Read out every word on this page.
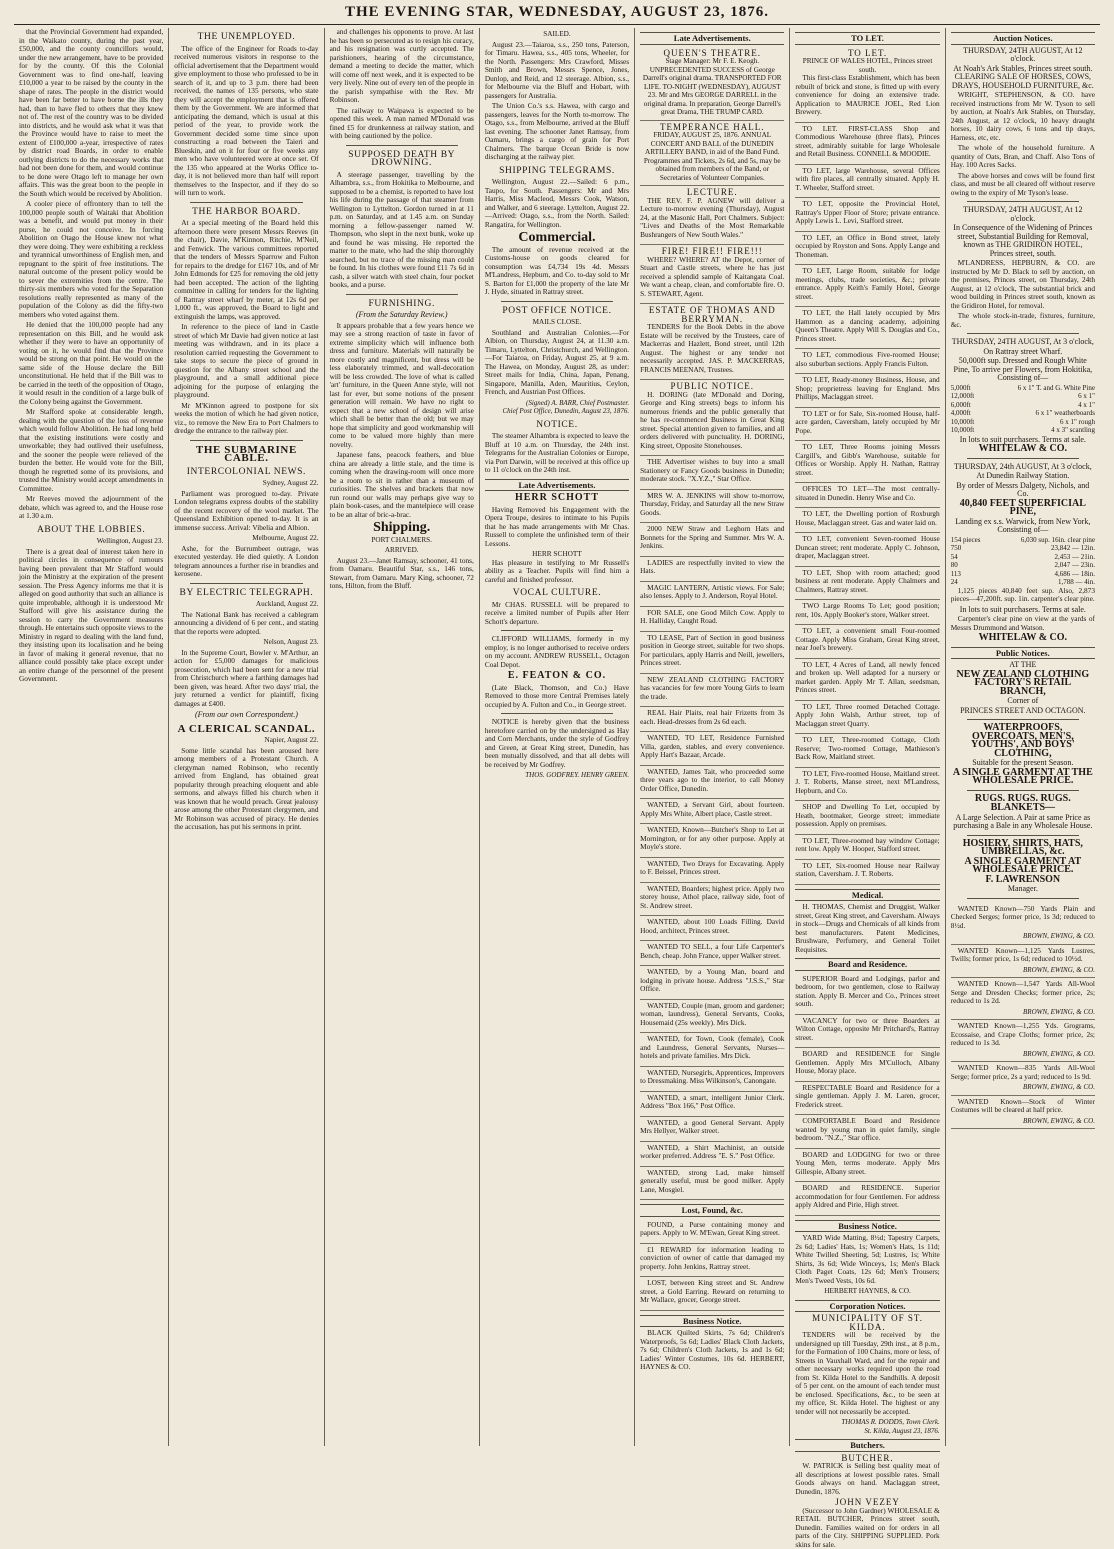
THE EVENING STAR, WEDNESDAY, AUGUST 23, 1876.

that the Provincial Government had expanded, in the Waikato county, during the past year, £50,000, and the county councillors would, under the new arrangement, have to be provided for by the county. Of this the Colonial Government was to find one-half, leaving £10,000 a year to be raised by the county in the shape of rates. The people in the district would have been far better to have borne the ills they had, than to have fled to others that they knew not of. The rest of the country was to be divided into districts, and he would ask what it was that the Province would have to raise to meet the extent of £100,000 a-year, irrespective of rates by district road Boards, in order to enable outlying districts to do the necessary works that had not been done for them, and would continue to be done were Otago left to manage her own affairs. This was the great boon to the people in the South which would be received by Abolition.

A cooler piece of effrontery than to tell the 100,000 people south of Waitaki that Abolition was a benefit, and would put money in their purse, he could not conceive. In forcing Abolition on Otago the House knew not what they were doing. They were exhibiting a reckless and tyrannical unworthiness of English men, and repugnant to the spirit of free institutions. The natural outcome of the present policy would be to sever the extremities from the centre. The thirty-six members who voted for the Separation resolutions really represented as many of the population of the Colony as did the fifty-two members who voted against them.

He denied that the 100,000 people had any representation on this Bill, and he would ask whether if they were to have an opportunity of voting on it, he would find that the Province would be strong on that point. He would on the same side of the House declare the Bill unconstitutional. He held that if the Bill was to be carried in the teeth of the opposition of Otago, it would result in the condition of a large bulk of the Colony being against the Government.

Mr Stafford spoke at considerable length, dealing with the question of the loss of revenue which would follow Abolition. He had long held that the existing institutions were costly and unworkable; they had outlived their usefulness, and the sooner the people were relieved of the burden the better. He would vote for the Bill, though he regretted some of its provisions, and trusted the Ministry would accept amendments in Committee.

Mr Reeves moved the adjournment of the debate, which was agreed to, and the House rose at 1.30 a.m.

ABOUT THE LOBBIES.
Wellington, August 23.

There is a great deal of interest taken here in political circles in consequence of rumours having been prevalent that Mr Stafford would join the Ministry at the expiration of the present session. The Press Agency informs me that it is alleged on good authority that such an alliance is quite improbable, although it is understood Mr Stafford will give his assistance during the session to carry the Government measures through. He entertains such opposite views to the Ministry in regard to dealing with the land fund, they insisting upon its localisation and he being in favor of making it general revenue, that no alliance could possibly take place except under an entire change of the personnel of the present Government.

THE UNEMPLOYED.

The office of the Engineer for Roads to-day received numerous visitors in response to the official advertisement that the Department would give employment to those who professed to be in search of it, and up to 3 p.m. there had been received, the names of 135 persons, who state they will accept the employment that is offered them by the Government. We are informed that anticipating the demand, which is usual at this period of the year, to provide work the Government decided some time since upon constructing a road between the Taieri and Blueskin, and on it for four or five weeks any men who have volunteered were at once set. Of the 135 who appeared at the Works Office to-day, it is not believed more than half will report themselves to the Inspector, and if they do so will turn to work.

THE HARBOR BOARD.

At a special meeting of the Board held this afternoon there were present Messrs Reeves (in the chair), Davie, M'Kinnon, Ritchie, M'Neil, and Fenwick. The various committees reported that the tenders of Messrs Sparrow and Fulton for repairs to the dredge for £167 10s, and of Mr John Edmonds for £25 for removing the old jetty had been accepted. The action of the lighting committee in calling for tenders for the lighting of Rattray street wharf by meter, at 12s 6d per 1,000 ft., was approved, the Board to light and extinguish the lamps, was approved.

In reference to the piece of land in Castle street of which Mr Davie had given notice at last meeting was withdrawn, and in its place a resolution carried requesting the Government to take steps to secure the piece of ground in question for the Albany street school and the playground, and a small additional piece adjoining for the purpose of enlarging the playground.

Mr M'Kinnon agreed to postpone for six weeks the motion of which he had given notice, viz., to remove the New Era to Port Chalmers to dredge the entrance to the railway pier.

THE SUBMARINE CABLE.
INTERCOLONIAL NEWS.
Sydney, August 22.

Parliament was prorogued to-day. Private London telegrams express doubts of the stability of the recent recovery of the wool market. The Queensland Exhibition opened to-day. It is an immense success. Arrival: Vibelia and Albion.

Melbourne, August 22.

Ashe, for the Burrumbeet outrage, was executed yesterday. He died quietly. A London telegram announces a further rise in brandies and kerosene.

BY ELECTRIC TELEGRAPH.
Auckland, August 22.

The National Bank has received a cablegram announcing a dividend of 6 per cent., and stating that the reports were adopted.

Nelson, August 23.

In the Supreme Court, Bowler v. M'Arthur, an action for £5,000 damages for malicious prosecution, which had been sent for a new trial from Christchurch where a farthing damages had been given, was heard. After two days' trial, the jury returned a verdict for plaintiff, fixing damages at £400.

(From our own Correspondent.)
A CLERICAL SCANDAL.
Napier, August 22.

Some little scandal has been aroused here among members of a Protestant Church. A clergyman named Robinson, who recently arrived from England, has obtained great popularity through preaching eloquent and able sermons, and always filled his church when it was known that he would preach. Great jealousy arose among the other Protestant clergymen, and Mr Robinson was accused of piracy. He denies the accusation, has put his sermons in print.

and challenges his opponents to prove. At last he has been so persecuted as to resign his curacy, and his resignation was curtly accepted. The parishioners, hearing of the circumstance, demand a meeting to decide the matter, which will come off next week, and it is expected to be very lively. Nine out of every ten of the people in the parish sympathise with the Rev. Mr Robinson.

The railway to Waipawa is expected to be opened this week. A man named M'Donald was fined £5 for drunkenness at railway station, and with being cautioned by the police.

SUPPOSED DEATH BY DROWNING.

A steerage passenger, travelling by the Alhambra, s.s., from Hokitika to Melbourne, and supposed to be a chemist, is reported to have lost his life during the passage of that steamer from Wellington to Lyttelton. Gordon turned in at 11 p.m. on Saturday, and at 1.45 a.m. on Sunday morning a fellow-passenger named W. Thompson, who slept in the next bunk, woke up and found he was missing. He reported the matter to the mate, who had the ship thoroughly searched, but no trace of the missing man could be found. In his clothes were found £11 7s 6d in cash, a silver watch with steel chain, four pocket books, and a purse.

FURNISHING.
(From the Saturday Review.)

It appears probable that a few years hence we may see a strong reaction of taste in favor of extreme simplicity which will influence both dress and furniture. Materials will naturally be more costly and magnificent, but dress will be less elaborately trimmed, and wall-decoration will be less crowded. The love of what is called 'art' furniture, in the Queen Anne style, will not last for ever, but some notions of the present generation will remain. We have no right to expect that a new school of design will arise which shall be better than the old; but we may hope that simplicity and good workmanship will come to be valued more highly than mere novelty.

Japanese fans, peacock feathers, and blue china are already a little stale, and the time is coming when the drawing-room will once more be a room to sit in rather than a museum of curiosities. The shelves and brackets that now run round our walls may perhaps give way to plain book-cases, and the mantelpiece will cease to be an altar of bric-a-brac.

Shipping.
PORT CHALMERS.
ARRIVED.

August 23.—Janet Ramsay, schooner, 41 tons, from Oamaru. Beautiful Star, s.s., 146 tons, Stewart, from Oamaru. Mary King, schooner, 72 tons, Hilton, from the Bluff.

SAILED.

August 23.—Taiaroa, s.s., 250 tons, Paterson, for Timaru. Hawea, s.s., 405 tons, Wheeler, for the North. Passengers: Mrs Crawford, Misses Smith and Brown, Messrs Spence, Jones, Dunlop, and Reid, and 12 steerage. Albion, s.s., for Melbourne via the Bluff and Hobart, with passengers for Australia.

The Union Co.'s s.s. Hawea, with cargo and passengers, leaves for the North to-morrow. The Otago, s.s., from Melbourne, arrived at the Bluff last evening. The schooner Janet Ramsay, from Oamaru, brings a cargo of grain for Port Chalmers. The barque Ocean Bride is now discharging at the railway pier.

SHIPPING TELEGRAMS.

Wellington, August 22.—Sailed: 6 p.m., Taupo, for South. Passengers: Mr and Mrs Harris, Miss Macleod, Messrs Cook, Watson, and Walker, and 6 steerage. Lyttelton, August 22.—Arrived: Otago, s.s., from the North. Sailed: Rangatira, for Wellington.

Commercial.

The amount of revenue received at the Customs-house on goods cleared for consumption was £4,734 19s 4d. Messrs M'Landress, Hepburn, and Co. to-day sold to Mr S. Barton for £1,000 the property of the late Mr J. Hyde, situated in Rattray street.

POST OFFICE NOTICE.
MAILS CLOSE.

Southland and Australian Colonies.—For Albion, on Thursday, August 24, at 11.30 a.m. Timaru, Lyttelton, Christchurch, and Wellington.—For Taiaroa, on Friday, August 25, at 9 a.m. The Hawea, on Monday, August 28, as under: Street mails for India, China, Japan, Penang, Singapore, Manilla, Aden, Mauritius, Ceylon, French, and Austrian Post Offices.

(Signed) A. BARR, Chief Postmaster.
Chief Post Office, Dunedin, August 23, 1876.
NOTICE.

The steamer Alhambra is expected to leave the Bluff at 10 a.m. on Thursday, the 24th inst. Telegrams for the Australian Colonies or Europe, via Port Darwin, will be received at this office up to 11 o'clock on the 24th inst.

Late Advertisements.
HERR SCHOTT

Having Removed his Engagement with the Opera Troupe, desires to intimate to his Pupils that he has made arrangements with Mr Chas. Russell to complete the unfinished term of their Lessons.

HERR SCHOTT

Has pleasure in testifying to Mr Russell's ability as a Teacher. Pupils will find him a careful and finished professor.

VOCAL CULTURE.

Mr CHAS. RUSSELL will be prepared to receive a limited number of Pupils after Herr Schott's departure.

CLIFFORD WILLIAMS, formerly in my employ, is no longer authorised to receive orders on my account. ANDREW RUSSELL, Octagon Coal Depot.

E. FEATON & CO.

(Late Black, Thomson, and Co.) Have Removed to those more Central Premises lately occupied by A. Fulton and Co., in George street.

NOTICE is hereby given that the business heretofore carried on by the undersigned as Hay and Corn Merchants, under the style of Godfrey and Green, at Great King street, Dunedin, has been mutually dissolved, and that all debts will be received by Mr Godfrey.

THOS. GODFREY. HENRY GREEN.
Late Advertisements.
QUEEN'S THEATRE.
Stage Manager: Mr F. E. Keogh. UNPRECEDENTED SUCCESS of George Darrell's original drama. TRANSPORTED FOR LIFE. TO-NIGHT (WEDNESDAY), AUGUST 23. Mr and Mrs GEORGE DARRELL in the original drama. In preparation, George Darrell's great Drama, THE TRUMP CARD.
TEMPERANCE HALL.
FRIDAY, AUGUST 25, 1876. ANNUAL CONCERT AND BALL of the DUNEDIN ARTILLERY BAND, in aid of the Band Fund. Programmes and Tickets, 2s 6d, and 5s, may be obtained from members of the Band, or Secretaries of Volunteer Companies.
LECTURE.

THE REV. F. P. AGNEW will deliver a Lecture to-morrow evening (Thursday), August 24, at the Masonic Hall, Port Chalmers. Subject: "Lives and Deaths of the Most Remarkable Bushrangers of New South Wales."

FIRE! FIRE!! FIRE!!!

WHERE? WHERE? AT the Depot, corner of Stuart and Castle streets, where he has just received a splendid sample of Kaitangata Coal. We want a cheap, clean, and comfortable fire. O. S. STEWART, Agent.

ESTATE OF THOMAS AND BERRYMAN.

TENDERS for the Book Debts in the above Estate will be received by the Trustees, care of Mackerras and Hazlett, Bond street, until 12th August. The highest or any tender not necessarily accepted. JAS. P. MACKERRAS, FRANCIS MEENAN, Trustees.

PUBLIC NOTICE.

H. DORING (late M'Donald and Doring, George and King streets) begs to inform his numerous friends and the public generally that he has re-commenced Business in Great King street. Special attention given to families, and all orders delivered with punctuality. H. DORING, King street, Opposite Stonehouses.

THE Advertiser wishes to buy into a small Stationery or Fancy Goods business in Dunedin; moderate stock. "X.Y.Z.," Star Office.

MRS W. A. JENKINS will show to-morrow, Thursday, Friday, and Saturday all the new Straw Goods.

2000 NEW Straw and Leghorn Hats and Bonnets for the Spring and Summer. Mrs W. A. Jenkins.

LADIES are respectfully invited to view the Hats.

MAGIC LANTERN, Artistic views. For Sale; also lenses. Apply to J. Anderson, Royal Hotel.

FOR SALE, one Good Milch Cow. Apply to H. Halliday, Caught Road.

TO LEASE, Part of Section in good business position in George street, suitable for two shops. For particulars, apply Harris and Neill, jewellers, Princes street.

NEW ZEALAND CLOTHING FACTORY has vacancies for few more Young Girls to learn the trade.

REAL Hair Plaits, real hair Frizetts from 3s each. Head-dresses from 2s 6d each.

WANTED, TO LET, Residence Furnished Villa, garden, stables, and every convenience. Apply Hart's Bazaar, Arcade.

WANTED, James Tait, who proceeded some three years ago to the interior, to call Money Order Office, Dunedin.

WANTED, a Servant Girl, about fourteen. Apply Mrs White, Albert place, Castle street.

WANTED, Known—Butcher's Shop to Let at Mornington, or for any other purpose. Apply at Moyle's store.

WANTED, Two Drays for Excavating. Apply to F. Beissel, Princes street.

WANTED, Boarders; highest price. Apply two storey house, Athol place, railway side, foot of St. Andrew street.

WANTED, about 100 Loads Filling. David Hood, architect, Princes street.

WANTED TO SELL, a four Life Carpenter's Bench, cheap. John France, upper Walker street.

WANTED, by a Young Man, board and lodging in private house. Address "J.S.S.," Star Office.

WANTED, Couple (man, groom and gardener; woman, laundress), General Servants, Cooks, Housemaid (25s weekly). Mrs Dick.

WANTED, for Town, Cook (female), Cook and Laundress, General Servants, Nurses—hotels and private families. Mrs Dick.

WANTED, Nursegirls, Apprentices, Improvers to Dressmaking. Miss Wilkinson's, Canongate.

WANTED, a smart, intelligent Junior Clerk. Address "Box 166," Post Office.

WANTED, a good General Servant. Apply Mrs Hellyer, Walker street.

WANTED, a Shirt Machinist, an outside worker preferred. Address "E. S." Post Office.

WANTED, strong Lad, make himself generally useful, must be good milker. Apply Lane, Mosgiel.

Lost, Found, &c.

FOUND, a Purse containing money and papers. Apply to W. M'Ewan, Great King street.

£1 REWARD for information leading to conviction of owner of cattle that damaged my property. John Jenkins, Rattray street.

LOST, between King street and St. Andrew street, a Gold Earring. Reward on returning to Mr Wallace, grocer, George street.

Business Notice.

BLACK Quilted Skirts, 7s 6d; Children's Waterproofs, 5s 6d; Ladies' Black Cloth Jackets, 7s 6d; Children's Cloth Jackets, 1s and 1s 6d; Ladies' Winter Costumes, 10s 6d. HERBERT, HAYNES & CO.

TO LET.
TO LET.
PRINCE OF WALES HOTEL, Princes street south.

This first-class Establishment, which has been rebuilt of brick and stone, is fitted up with every convenience for doing an extensive trade. Application to MAURICE JOEL, Red Lion Brewery.

TO LET. FIRST-CLASS Shop and Commodious Warehouse (three flats), Princes street, admirably suitable for large Wholesale and Retail Business. CONNELL & MOODIE.

TO LET, large Warehouse, several Offices with fire places, all centrally situated. Apply H. T. Wheeler, Stafford street.

TO LET, opposite the Provincial Hotel, Rattray's Upper Floor of Store; private entrance. Apply Lewis L. Levi, Stafford street.

TO LET, an Office in Bond street, lately occupied by Royston and Sons. Apply Lange and Thoneman.

TO LET, Large Room, suitable for lodge meetings, clubs, trade societies, &c.; private entrance. Apply Keith's Family Hotel, George street.

TO LET, the Hall lately occupied by Mrs Hammon as a dancing academy, adjoining Queen's Theatre. Apply Will S. Douglas and Co., Princes street.

TO LET, commodious Five-roomed House; also suburban sections. Apply Francis Fulton.

TO LET, Ready-money Business, House, and Shop; proprietress leaving for England. Mrs Phillips, Maclaggan street.

TO LET or for Sale, Six-roomed House, half-acre garden, Caversham, lately occupied by Mr Pope.

TO LET, Three Rooms joining Messrs Cargill's, and Gibb's Warehouse, suitable for Offices or Worship. Apply H. Nathan, Rattray street.

OFFICES TO LET—The most centrally-situated in Dunedin. Henry Wise and Co.

TO LET, the Dwelling portion of Roxburgh House, Maclaggan street. Gas and water laid on.

TO LET, convenient Seven-roomed House Duncan street; rent moderate. Apply C. Johnson, draper, Maclaggan street.

TO LET, Shop with room attached; good business at rent moderate. Apply Chalmers and Chalmers, Rattray street.

TWO Large Rooms To Let; good position; rent, 10s. Apply Booker's store, Walker street.

TO LET, a convenient small Four-roomed Cottage. Apply Miss Graham, Great King street, near Joel's brewery.

TO LET, 4 Acres of Land, all newly fenced and broken up. Well adapted for a nursery or market garden. Apply Mr T. Allan, seedsman, Princes street.

TO LET, Three roomed Detached Cottage. Apply John Walsh, Arthur street, top of Maclaggan street Quarry.

TO LET, Three-roomed Cottage, Cloth Reserve; Two-roomed Cottage, Mathieson's Back Row, Maitland street.

TO LET, Five-roomed House, Maitland street. J. T. Roberts, Manse street, next M'Landress, Hepburn, and Co.

SHOP and Dwelling To Let, occupied by Heath, bootmaker, George street; immediate possession. Apply on premises.

TO LET, Three-roomed bay window Cottage; rent low. Apply W. Hooper, Stafford street.

TO LET, Six-roomed House near Railway station, Caversham. J. T. Roberts.

Medical.

H. THOMAS, Chemist and Druggist, Walker street, Great King street, and Caversham. Always in stock—Drugs and Chemicals of all kinds from best manufacturers. Patent Medicines, Brushware, Perfumery, and General Toilet Requisites.

Board and Residence.

SUPERIOR Board and Lodgings, parlor and bedroom, for two gentlemen, close to Railway station. Apply B. Mercer and Co., Princes street south.

VACANCY for two or three Boarders at Wilton Cottage, opposite Mr Pritchard's, Rattray street.

BOARD and RESIDENCE for Single Gentlemen. Apply Mrs M'Culloch, Albany House, Moray place.

RESPECTABLE Board and Residence for a single gentleman. Apply J. M. Laren, grocer, Frederick street.

COMFORTABLE Board and Residence wanted by young man in quiet family, single bedroom. "N.Z.," Star office.

BOARD and LODGING for two or three Young Men, terms moderate. Apply Mrs Gillespie, Albany street.

BOARD and RESIDENCE. Superior accommodation for four Gentlemen. For address apply Aldred and Pirie, High street.

Business Notice.

YARD Wide Matting, 8½d; Tapestry Carpets, 2s 6d; Ladies' Hats, 1s; Women's Hats, 1s 11d; White Twilled Sheeting, 5d; Lustres, 1s; White Shirts, 3s 6d; Wide Winceys, 1s; Men's Black Cloth Paget Coats, 12s 6d; Men's Trousers; Men's Tweed Vests, 10s 6d.

HERBERT HAYNES, & CO.
Corporation Notices.
MUNICIPALITY OF ST. KILDA.

TENDERS will be received by the undersigned up till Tuesday, 29th inst., at 8 p.m., for the Formation of 100 Chains, more or less, of Streets in Vauxhall Ward, and for the repair and other necessary works required upon the road from St. Kilda Hotel to the Sandhills. A deposit of 5 per cent. on the amount of each tender must be enclosed. Specifications, &c., to be seen at my office, St. Kilda Hotel. The highest or any tender will not necessarily be accepted.

THOMAS R. DODDS, Town Clerk.
St. Kilda, August 23, 1876.
Butchers.
BUTCHER.

W. PATRICK is Selling best quality meat of all descriptions at lowest possible rates. Small Goods always on hand. Maclaggan street, Dunedin, 1876.

JOHN VEZEY

(Successor to John Gardner) WHOLESALE & RETAIL BUTCHER, Princes street south, Dunedin. Families waited on for orders in all parts of the City. SHIPPING SUPPLIED. Pork skins for sale.

Auction Notices.
THURSDAY, 24TH AUGUST, At 12 o'clock.
At Noah's Ark Stables, Princes street south. CLEARING SALE OF HORSES, COWS, DRAYS, HOUSEHOLD FURNITURE, &c.

WRIGHT, STEPHENSON, & CO. have received instructions from Mr W. Tyson to sell by auction, at Noah's Ark Stables, on Thursday, 24th August, at 12 o'clock, 10 heavy draught horses, 10 dairy cows, 6 tons and tip drays, Harness, etc, etc.

The whole of the household furniture. A quantity of Oats, Bran, and Chaff. Also Tons of Hay. 100 Acres Sacks.

The above horses and cows will be found first class, and must be all cleared off without reserve owing to the expiry of Mr Tyson's lease.

THURSDAY, 24TH AUGUST, At 12 o'clock.
In Consequence of the Widening of Princes street, Substantial Building for Removal, known as THE GRIDIRON HOTEL, Princes street, south.

M'LANDRESS, HEPBURN, & CO. are instructed by Mr D. Black to sell by auction, on the premises, Princes street, on Thursday, 24th August, at 12 o'clock, The substantial brick and wood building in Princes street south, known as the Gridiron Hotel, for removal.

The whole stock-in-trade, fixtures, furniture, &c.

THURSDAY, 24TH AUGUST, At 3 o'clock,
On Rattray street Wharf.
50,000ft sup. Dressed and Rough White Pine, To arrive per Flowers, from Hokitika, Consisting of—
5,000ft	6 x 1" T. and G. White Pine
12,000ft	6 x 1"
6,000ft	4 x 1"
4,000ft	6 x 1" weatherboards
10,000ft	6 x 1" rough
10,000ft	4 x 3" scantling
In lots to suit purchasers. Terms at sale.
WHITELAW & CO.
THURSDAY, 24th AUGUST, At 3 o'clock,
At Dunedin Railway Station.
By order of Messrs Dalgety, Nichols, and Co.
40,840 FEET SUPERFICIAL PINE,
Landing ex s.s. Warwick, from New York, Consisting of—
154 pieces	6,030 sup. 16in. clear pine
750	23,842 — 12in.
54	2,453 — 21in.
80	2,047 — 23in.
113	4,686 — 18in.
24	1,788 — 4in.

1,125 pieces 40,840 feet sup. Also, 2,873 pieces—47,200ft. sup. 1in. carpenter's clear pine.

In lots to suit purchasers. Terms at sale.

Carpenter's clear pine on view at the yards of Messrs Drummond and Watson.

WHITELAW & CO.
Public Notices.
AT THE
NEW ZEALAND CLOTHING FACTORY'S RETAIL BRANCH,
Corner of
PRINCES STREET AND OCTAGON.
WATERPROOFS, OVERCOATS, MEN'S, YOUTHS', AND BOYS' CLOTHING,
Suitable for the present Season.
A SINGLE GARMENT AT THE WHOLESALE PRICE.
RUGS. RUGS. RUGS.
BLANKETS—
A Large Selection. A Pair at same Price as purchasing a Bale in any Wholesale House.
HOSIERY, SHIRTS, HATS, UMBRELLAS, &c.
A SINGLE GARMENT AT WHOLESALE PRICE.
F. LAWRENSON
Manager.

WANTED Known—750 Yards Plain and Checked Serges; former price, 1s 3d; reduced to 8½d.

BROWN, EWING, & CO.

WANTED Known—1,125 Yards Lustres, Twills; former price, 1s 6d; reduced to 10½d.

BROWN, EWING, & CO.

WANTED Known—1,547 Yards All-Wool Serge and Dresden Checks; former price, 2s; reduced to 1s 2d.

BROWN, EWING, & CO.

WANTED Known—1,255 Yds. Grograms, Ecossaise, and Crape Cloths; former price, 2s; reduced to 1s 3d.

BROWN, EWING, & CO.

WANTED Known—835 Yards All-Wool Serge; former price, 2s a yard; reduced to 1s 9d.

BROWN, EWING, & CO.

WANTED Known—Stock of Winter Costumes will be cleared at half price.

BROWN, EWING, & CO.
